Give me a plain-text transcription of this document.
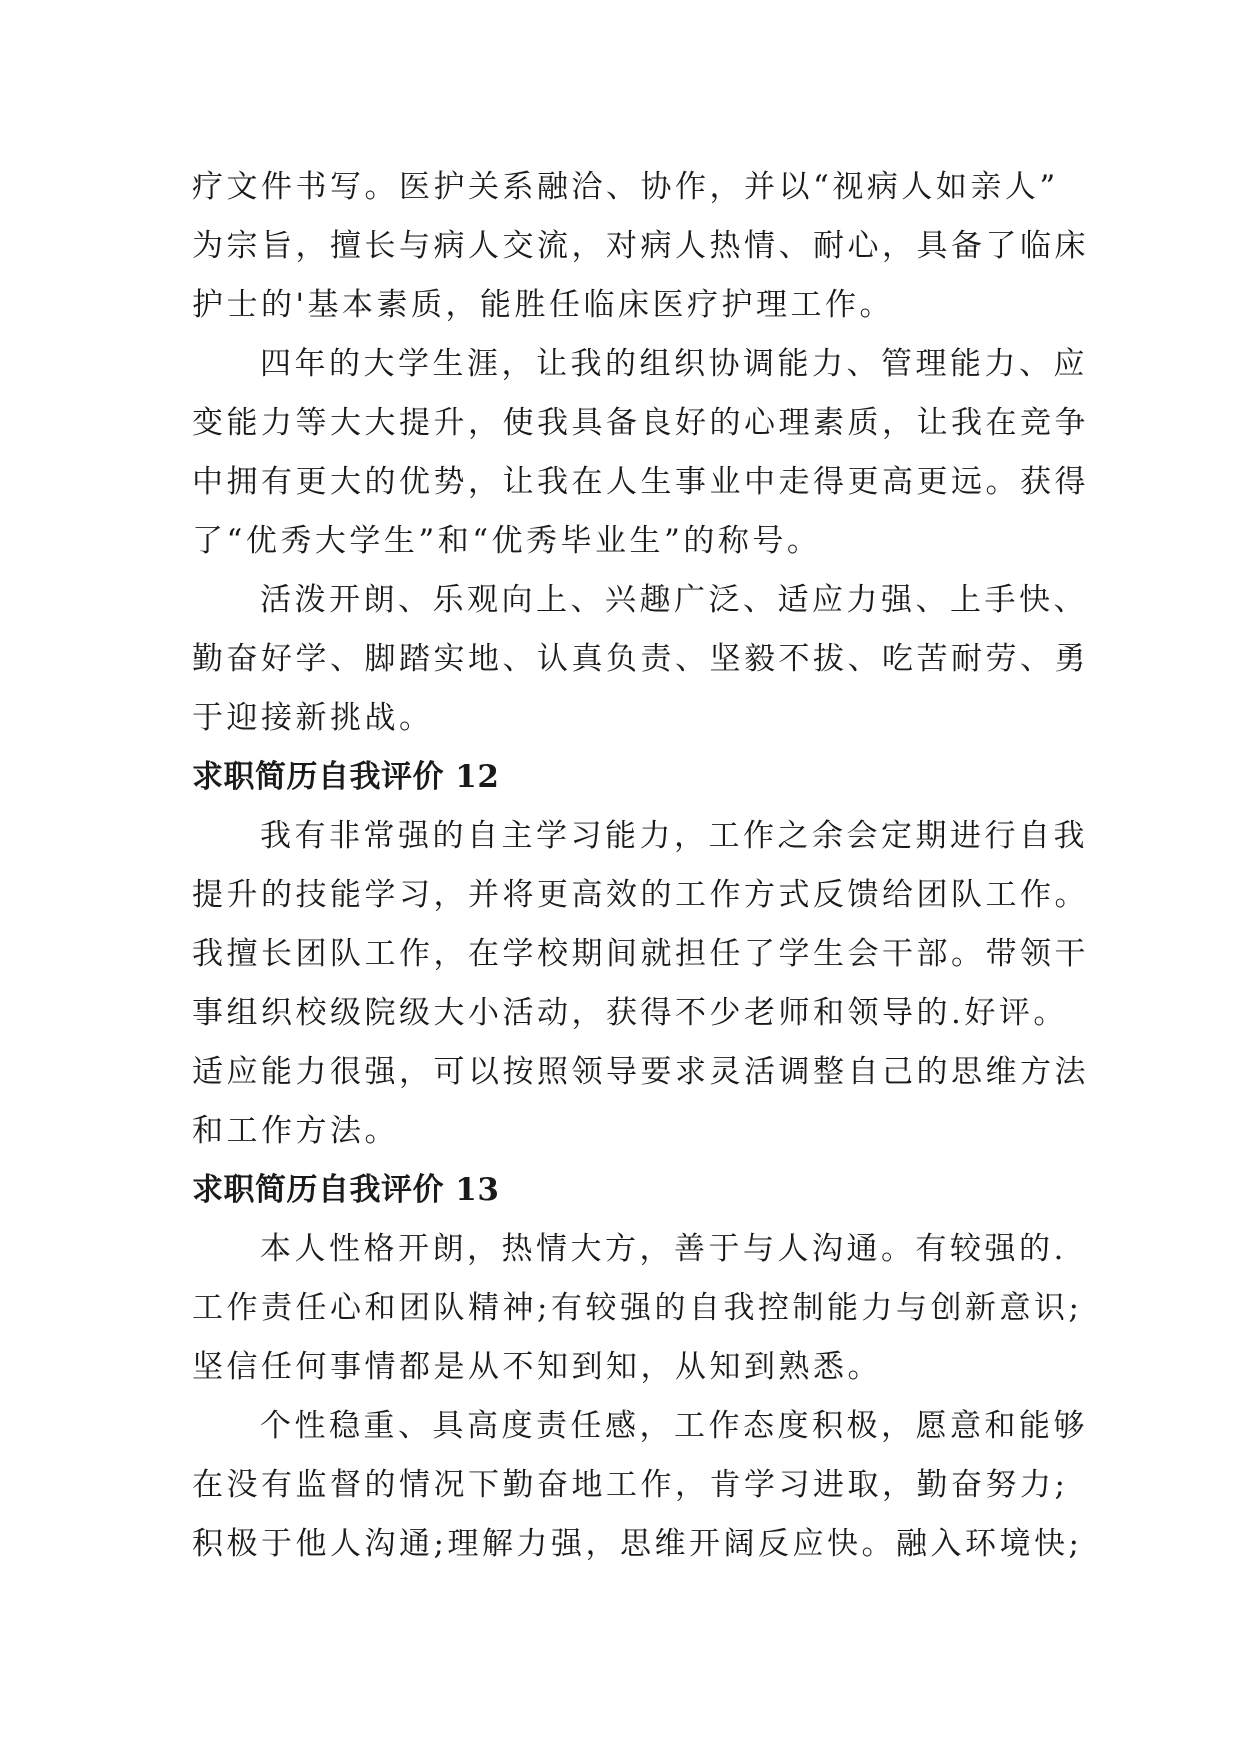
疗文件书写。医护关系融洽、协作，并以“视病人如亲人”
为宗旨，擅长与病人交流，对病人热情、耐心，具备了临床
护士的'基本素质，能胜任临床医疗护理工作。

四年的大学生涯，让我的组织协调能力、管理能力、应
变能力等大大提升，使我具备良好的心理素质，让我在竞争
中拥有更大的优势，让我在人生事业中走得更高更远。获得
了“优秀大学生”和“优秀毕业生”的称号。

活泼开朗、乐观向上、兴趣广泛、适应力强、上手快、
勤奋好学、脚踏实地、认真负责、坚毅不拔、吃苦耐劳、勇
于迎接新挑战。

求职简历自我评价 12

我有非常强的自主学习能力，工作之余会定期进行自我
提升的技能学习，并将更高效的工作方式反馈给团队工作。
我擅长团队工作，在学校期间就担任了学生会干部。带领干
事组织校级院级大小活动，获得不少老师和领导的.好评。
适应能力很强，可以按照领导要求灵活调整自己的思维方法
和工作方法。

求职简历自我评价 13

本人性格开朗，热情大方，善于与人沟通。有较强的.
工作责任心和团队精神;有较强的自我控制能力与创新意识;
坚信任何事情都是从不知到知，从知到熟悉。

个性稳重、具高度责任感，工作态度积极，愿意和能够
在没有监督的情况下勤奋地工作，肯学习进取，勤奋努力;
积极于他人沟通;理解力强，思维开阔反应快。融入环境快;
